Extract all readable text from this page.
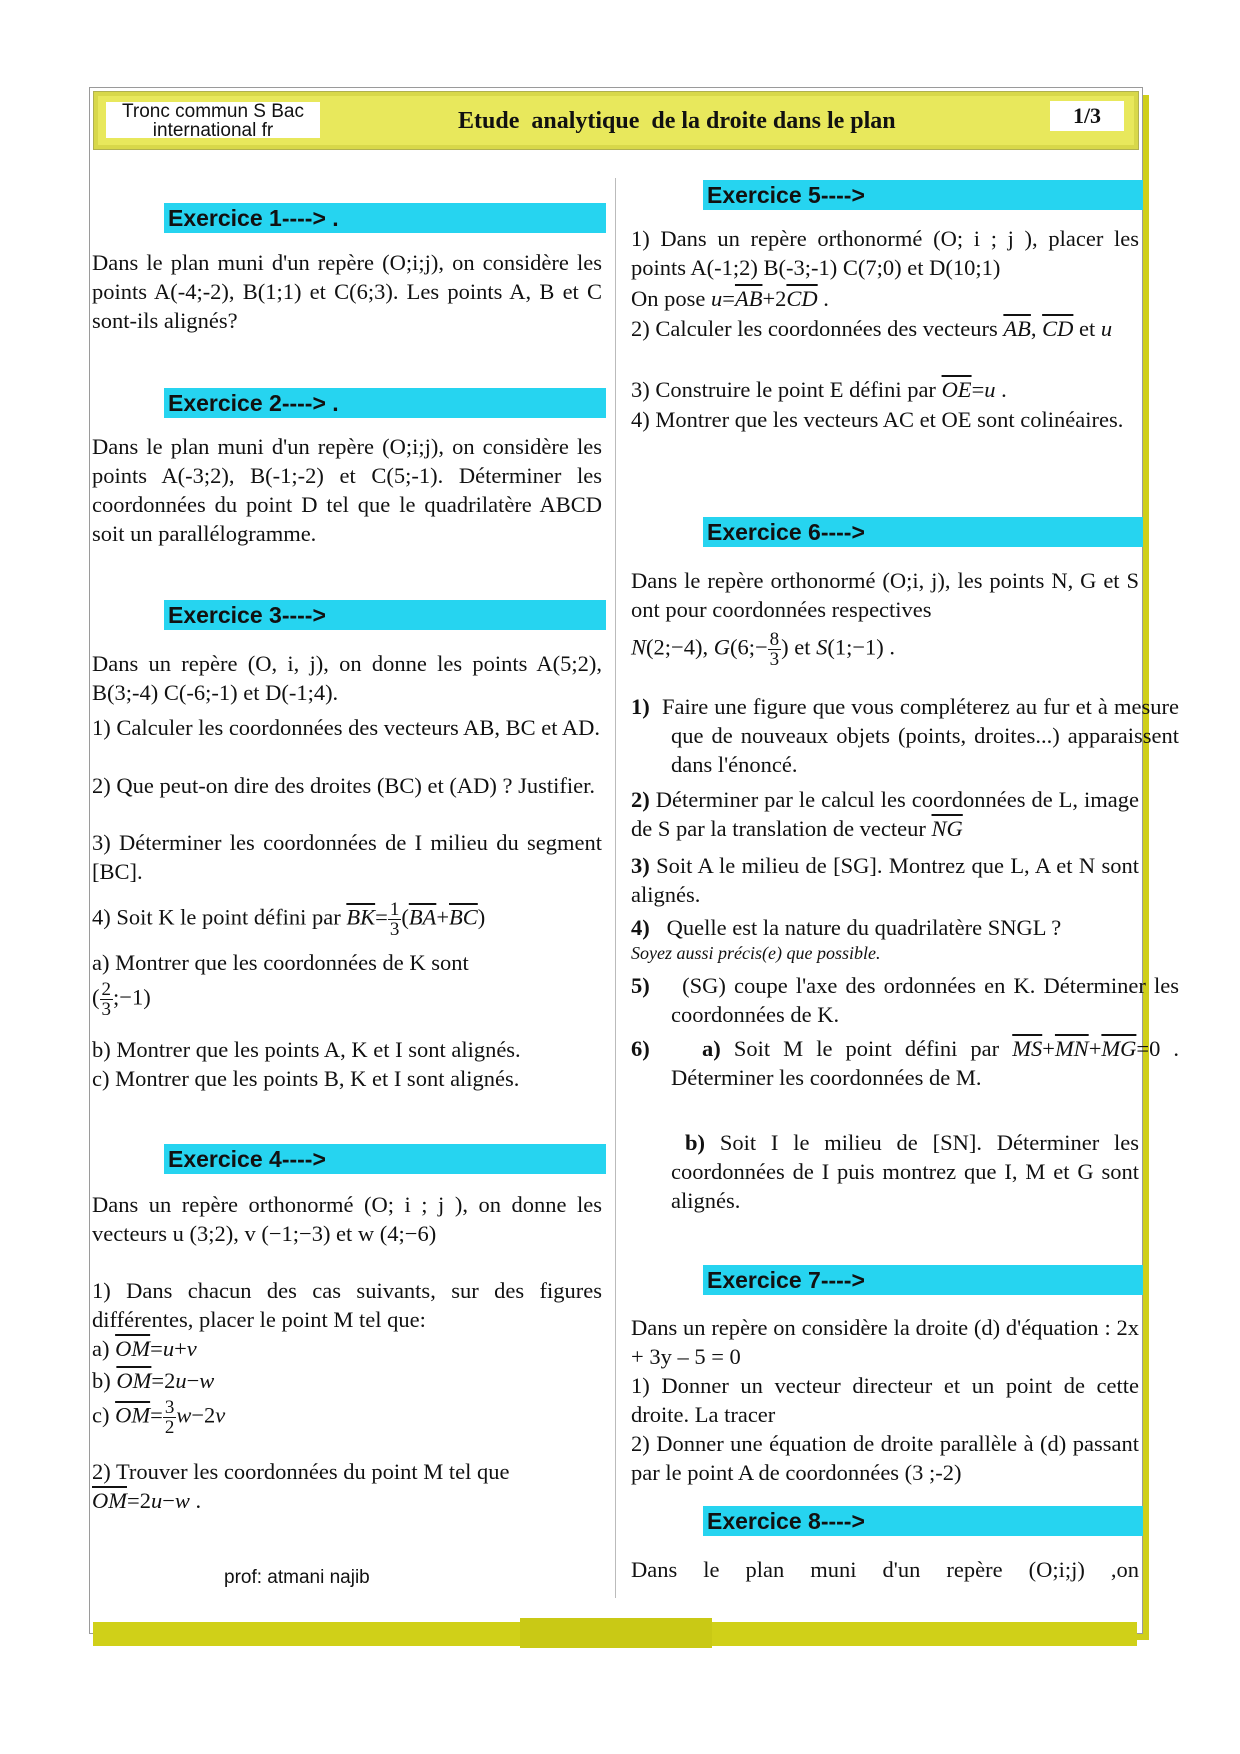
Tronc commun S Bac
international fr	Etude  analytique  de la droite dans le plan	1/3
Exercice 1----> .
Dans le plan muni d'un repère (O;i;j), on considère les points A(-4;-2), B(1;1) et C(6;3). Les points A, B et C sont-ils alignés?
Exercice 2----> .
Dans le plan muni d'un repère (O;i;j), on considère les points A(-3;2), B(-1;-2) et C(5;-1). Déterminer les coordonnées du point D tel que le quadrilatère ABCD soit un parallélogramme.
Exercice 3---->
Dans un repère (O, i, j), on donne les points A(5;2), B(3;-4) C(-6;-1) et D(-1;4).
1) Calculer les coordonnées des vecteurs AB, BC et AD.
2) Que peut-on dire des droites (BC) et (AD) ? Justifier.
3) Déterminer les coordonnées de I milieu du segment [BC].
4) Soit K le point défini par $\overline{BK}= \frac{1}{3} (\overline{BA}+\overline{BC})$
a) Montrer que les coordonnées de K sont
( $\frac{2}{3}$ ;−1)
b) Montrer que les points A, K et I sont alignés.
c) Montrer que les points B, K et I sont alignés.
Exercice 4---->
Dans un repère orthonormé (O; i ; j ), on donne les vecteurs u (3;2), v (−1;−3) et w (4;−6)
1) Dans chacun des cas suivants, sur des figures différentes, placer le point M tel que:
a) $\overline{OM}=u+v$
b) $\overline{OM}=2u-w$
c) $\overline{OM}= \frac{3}{2} w-2v$
2) Trouver les coordonnées du point M tel que
$\overline{OM}=2u-w$ .
prof: atmani najib
Exercice 5---->
1) Dans un repère orthonormé (O; i ; j ), placer les points A(-1;2) B(-3;-1) C(7;0) et D(10;1)
On pose $u=\overline{AB}+2\overline{CD}$ .
2) Calculer les coordonnées des vecteurs $\overline{AB}$, $\overline{CD}$ et u
3) Construire le point E défini par $\overline{OE}=u$ .
4) Montrer que les vecteurs AC et OE sont colinéaires.
Exercice 6---->
Dans le repère orthonormé (O;i, j), les points N, G et S ont pour coordonnées respectives
N(2;−4), G(6;− $\frac{8}{3}$ ) et S(1;−1) .
1) Faire une figure que vous compléterez au fur et à mesure que de nouveaux objets (points, droites...) apparaissent dans l'énoncé.
2) Déterminer par le calcul les coordonnées de L, image de S par la translation de vecteur $\overline{NG}$
3) Soit A le milieu de [SG]. Montrez que L, A et N sont alignés.
4) Quelle est la nature du quadrilatère SNGL ?
Soyez aussi précis(e) que possible.
5) (SG) coupe l'axe des ordonnées en K. Déterminer les coordonnées de K.
6) a) Soit M le point défini par $\overline{MS}+\overline{MN}+\overline{MG}=0$ . Déterminer les coordonnées de M.
b) Soit I le milieu de [SN]. Déterminer les coordonnées de I puis montrez que I, M et G sont alignés.
Exercice 7---->
Dans un repère on considère la droite (d) d'équation : 2x + 3y – 5 = 0
1) Donner un vecteur directeur et un point de cette droite. La tracer
2) Donner une équation de droite parallèle à (d) passant par le point A de coordonnées (3 ;-2)
Exercice 8---->
Dans le plan muni d'un repère (O;i;j) ,on
